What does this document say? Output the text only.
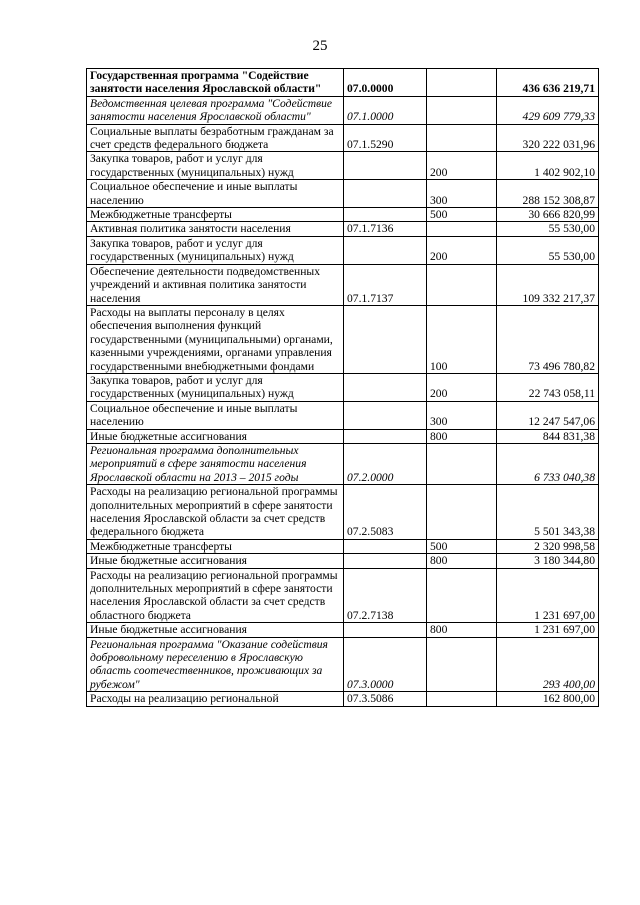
25
Государственная программа "Содействие занятости населения Ярославской области"	07.0.0000		436 636 219,71
Ведомственная целевая программа "Содействие занятости населения Ярославской области"	07.1.0000		429 609 779,33
Социальные выплаты безработным гражданам за счет средств федерального бюджета	07.1.5290		320 222 031,96
Закупка товаров, работ и услуг для государственных (муниципальных) нужд		200	1 402 902,10
Социальное обеспечение и иные выплаты населению		300	288 152 308,87
Межбюджетные трансферты		500	30 666 820,99
Активная политика занятости населения	07.1.7136		55 530,00
Закупка товаров, работ и услуг для государственных (муниципальных) нужд		200	55 530,00
Обеспечение деятельности подведомственных учреждений и активная политика занятости населения	07.1.7137		109 332 217,37
Расходы на выплаты персоналу в целях обеспечения выполнения функций государственными (муниципальными) органами, казенными учреждениями, органами управления государственными внебюджетными фондами		100	73 496 780,82
Закупка товаров, работ и услуг для государственных (муниципальных) нужд		200	22 743 058,11
Социальное обеспечение и иные выплаты населению		300	12 247 547,06
Иные бюджетные ассигнования		800	844 831,38
Региональная программа дополнительных мероприятий в сфере занятости населения Ярославской области на 2013 – 2015 годы	07.2.0000		6 733 040,38
Расходы на реализацию региональной программы дополнительных мероприятий в сфере занятости населения Ярославской области за счет средств федерального бюджета	07.2.5083		5 501 343,38
Межбюджетные трансферты		500	2 320 998,58
Иные бюджетные ассигнования		800	3 180 344,80
Расходы на реализацию региональной программы дополнительных мероприятий в сфере занятости населения Ярославской области за счет средств областного бюджета	07.2.7138		1 231 697,00
Иные бюджетные ассигнования		800	1 231 697,00
Региональная программа "Оказание содействия добровольному переселению в Ярославскую область соотечественников, проживающих за рубежом"	07.3.0000		293 400,00
Расходы на реализацию региональной	07.3.5086		162 800,00
